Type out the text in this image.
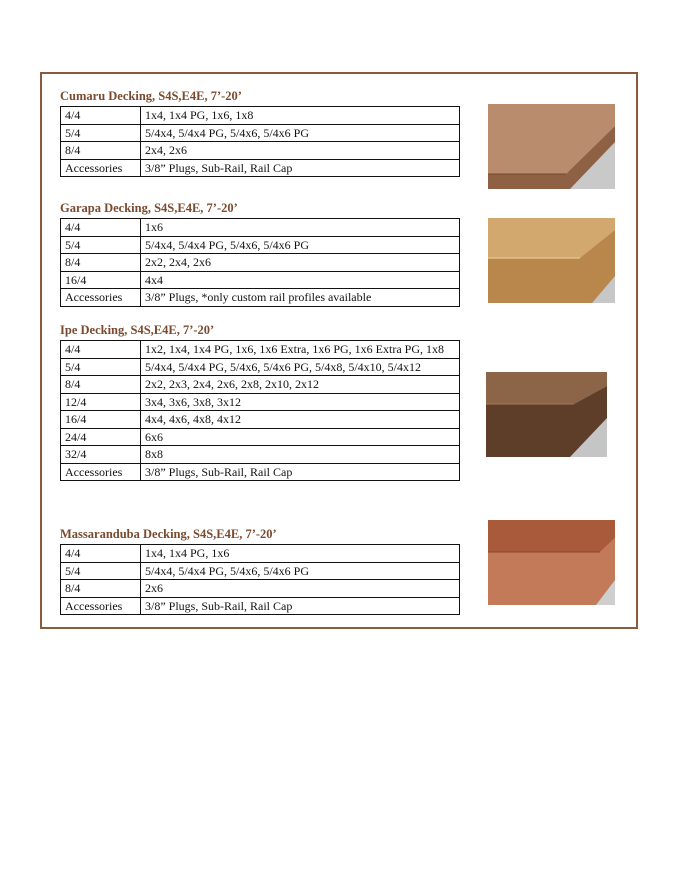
Cumaru Decking, S4S,E4E, 7’-20’
4/4	1x4, 1x4 PG, 1x6, 1x8
5/4	5/4x4, 5/4x4 PG, 5/4x6, 5/4x6 PG
8/4	2x4, 2x6
Accessories	3/8” Plugs, Sub-Rail, Rail Cap
Garapa Decking, S4S,E4E, 7’-20’
4/4	1x6
5/4	5/4x4, 5/4x4 PG, 5/4x6, 5/4x6 PG
8/4	2x2, 2x4, 2x6
16/4	4x4
Accessories	3/8” Plugs, *only custom rail profiles available
Ipe Decking, S4S,E4E, 7’-20’
4/4	1x2, 1x4, 1x4 PG, 1x6, 1x6 Extra, 1x6 PG, 1x6 Extra PG, 1x8
5/4	5/4x4, 5/4x4 PG, 5/4x6, 5/4x6 PG, 5/4x8, 5/4x10, 5/4x12
8/4	2x2, 2x3, 2x4, 2x6, 2x8, 2x10, 2x12
12/4	3x4, 3x6, 3x8, 3x12
16/4	4x4, 4x6, 4x8, 4x12
24/4	6x6
32/4	8x8
Accessories	3/8” Plugs, Sub-Rail, Rail Cap
Massaranduba Decking, S4S,E4E, 7’-20’
4/4	1x4, 1x4 PG, 1x6
5/4	5/4x4, 5/4x4 PG, 5/4x6, 5/4x6 PG
8/4	2x6
Accessories	3/8” Plugs, Sub-Rail, Rail Cap
